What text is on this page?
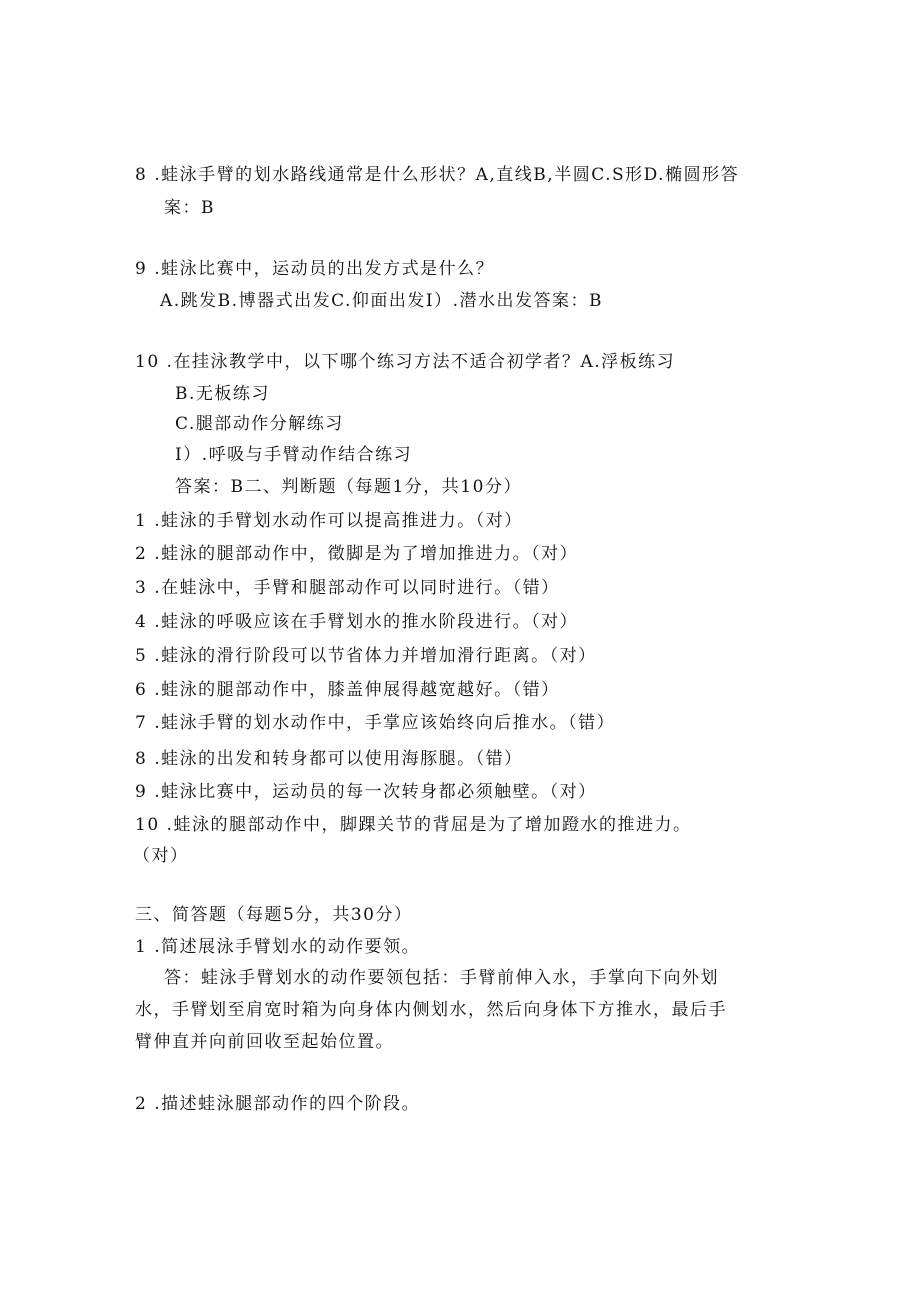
8 .蛙泳手臂的划水路线通常是什么形状？A,直线B,半圆C.S形D.椭圆形答
案：B
9 .蛙泳比赛中，运动员的出发方式是什么？
A.跳发B.博器式出发C.仰面出发I）.潜水出发答案：B
10 .在挂泳教学中，以下哪个练习方法不适合初学者？A.浮板练习
B.无板练习
C.腿部动作分解练习
I）.呼吸与手臂动作结合练习
答案：B二、判断题（每题1分，共10分）
1 .蛙泳的手臂划水动作可以提高推进力。（对）
2 .蛙泳的腿部动作中，徵脚是为了增加推进力。（对）
3 .在蛙泳中，手臂和腿部动作可以同时进行。（错）
4 .蛙泳的呼吸应该在手臂划水的推水阶段进行。（对）
5 .蛙泳的滑行阶段可以节省体力并增加滑行距离。（对）
6 .蛙泳的腿部动作中，膝盖伸展得越宽越好。（错）
7 .蛙泳手臂的划水动作中，手掌应该始终向后推水。（错）
8 .蛙泳的出发和转身都可以使用海豚腿。（错）
9 .蛙泳比赛中，运动员的每一次转身都必须触壁。（对）
10 .蛙泳的腿部动作中，脚踝关节的背屈是为了增加蹬水的推进力。
（对）
三、简答题（每题5分，共30分）
1 .简述展泳手臂划水的动作要领。
答：蛙泳手臂划水的动作要领包括：手臂前伸入水，手掌向下向外划
水，手臂划至肩宽时箱为向身体内侧划水，然后向身体下方推水，最后手
臂伸直并向前回收至起始位置。
2 .描述蛙泳腿部动作的四个阶段。
